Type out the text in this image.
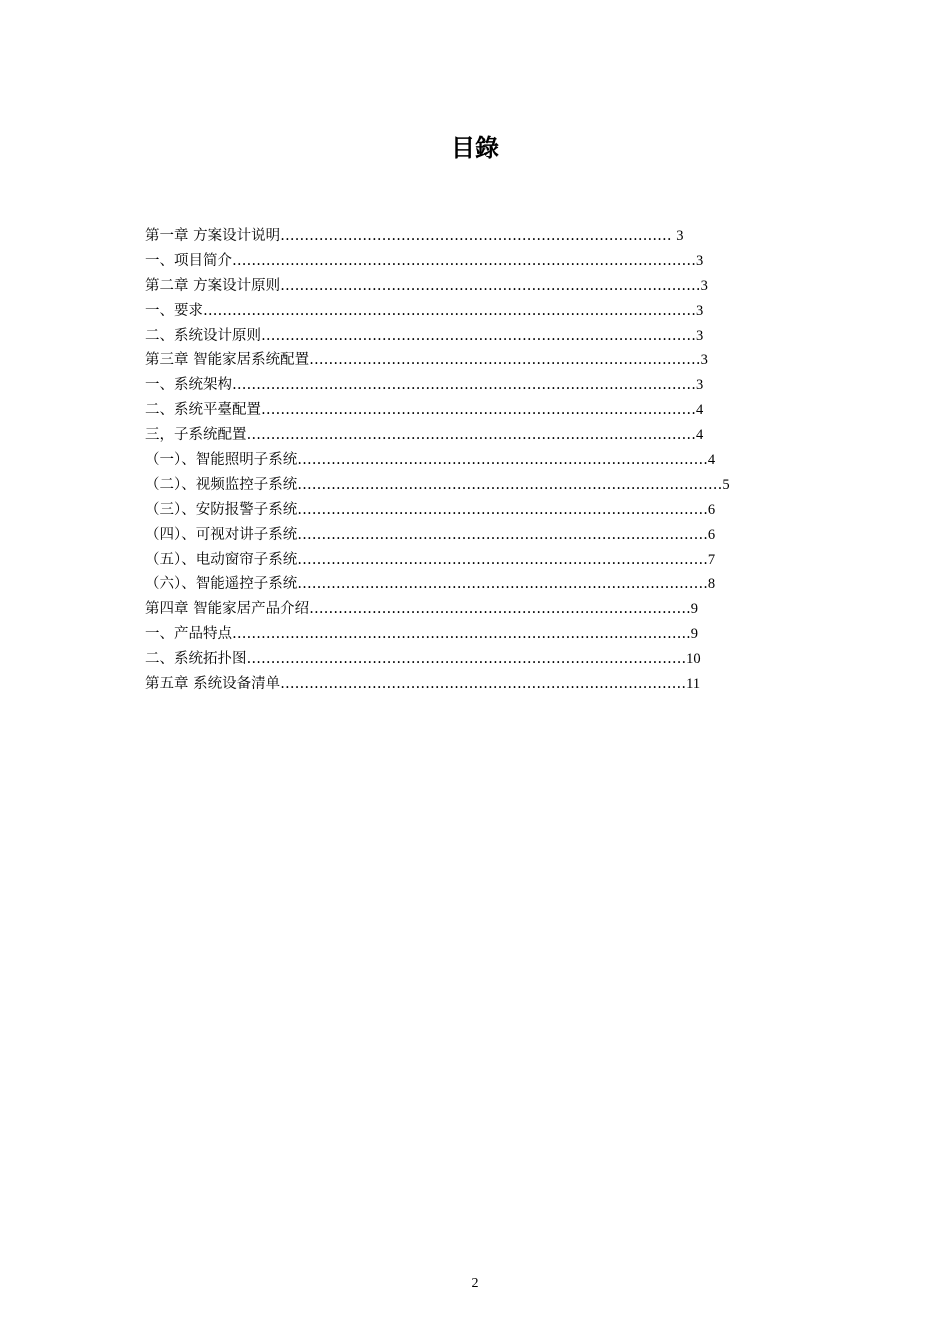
目錄
第一章 方案设计说明……………………………………………………………………… 3
一、项目简介……………………………………………………………………………………3
第二章 方案设计原则……………………………………………………………………………3
一、要求…………………………………………………………………………………………3
二、系统设计原则………………………………………………………………………………3
第三章 智能家居系统配置………………………………………………………………………3
一、系统架构……………………………………………………………………………………3
二、系统平臺配置………………………………………………………………………………4
三，子系统配置…………………………………………………………………………………4
（一）、智能照明子系统………………………………………………………………………….4
（二）、视频监控子系统……………………………………………………………………….……5
（三）、安防报警子系统………………………………………………………………………….6
（四）、可视对讲子系统………………………………………………………………………….6
（五）、电动窗帘子系统………………………………………………………………………….7
（六）、智能遥控子系统………………………………………………………………………….8
第四章 智能家居产品介绍…………………………………………………………………….9
一、产品特点…………………………………………………………………………………..9
二、系统拓扑图……………………………………………………………………………….10
第五章 系统设备清单…………………………………………………………………………11
2
